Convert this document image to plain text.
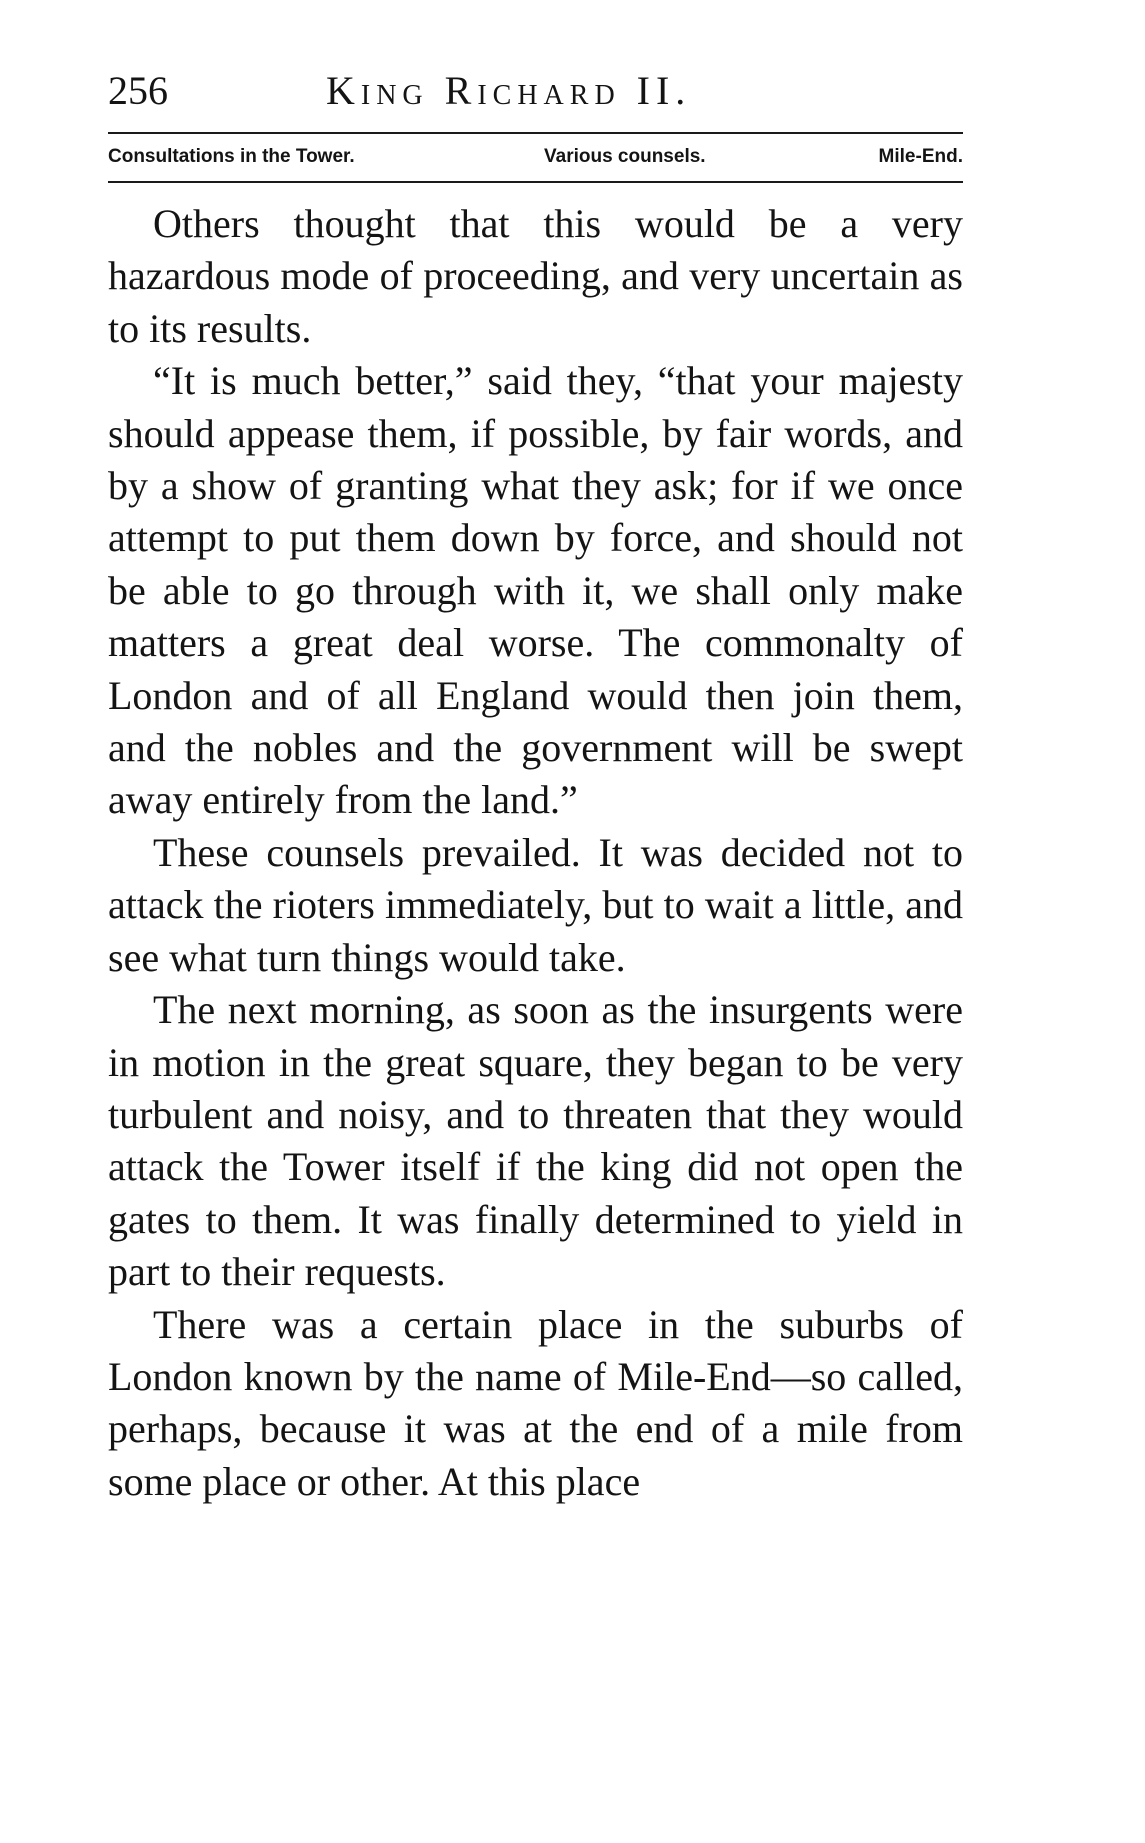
256	King Richard II.
Consultations in the Tower.	Various counsels.	Mile-End.

Others thought that this would be a very hazardous mode of proceeding, and very uncertain as to its results.

“It is much better,” said they, “that your majesty should appease them, if possible, by fair words, and by a show of granting what they ask; for if we once attempt to put them down by force, and should not be able to go through with it, we shall only make matters a great deal worse. The commonalty of London and of all England would then join them, and the nobles and the government will be swept away entirely from the land.”

These counsels prevailed. It was decided not to attack the rioters immediately, but to wait a little, and see what turn things would take.

The next morning, as soon as the insurgents were in motion in the great square, they began to be very turbulent and noisy, and to threaten that they would attack the Tower itself if the king did not open the gates to them. It was finally determined to yield in part to their requests.

There was a certain place in the suburbs of London known by the name of Mile-End—so called, perhaps, because it was at the end of a mile from some place or other. At this place
